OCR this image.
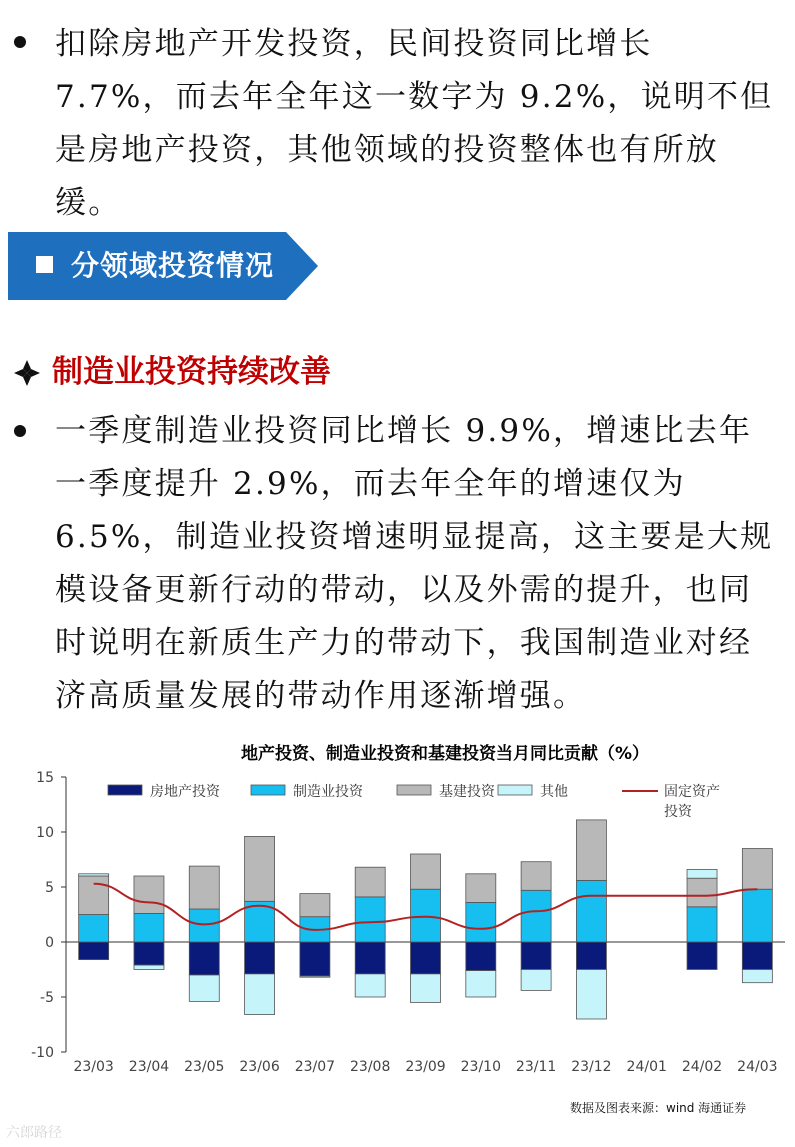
扣除房地产开发投资，民间投资同比增长 7.7%，而去年全年这一数字为 9.2%，说明不但是房地产投资，其他领域的投资整体也有所放缓。
分领域投资情况
制造业投资持续改善
一季度制造业投资同比增长 9.9%，增速比去年一季度提升 2.9%，而去年全年的增速仅为 6.5%，制造业投资增速明显提高，这主要是大规模设备更新行动的带动，以及外需的提升，也同时说明在新质生产力的带动下，我国制造业对经济高质量发展的带动作用逐渐增强。
地产投资、制造业投资和基建投资当月同比贡献（%）
15
10
5
0
-5
-10
23/03 23/04 23/05 23/06 23/07 23/08 23/09 23/10 23/11 23/12 24/01 24/02 24/03
房地产投资	制造业投资	基建投资	其他	固定资产投资
数据及图表来源：wind 海通证券
六郎路径
